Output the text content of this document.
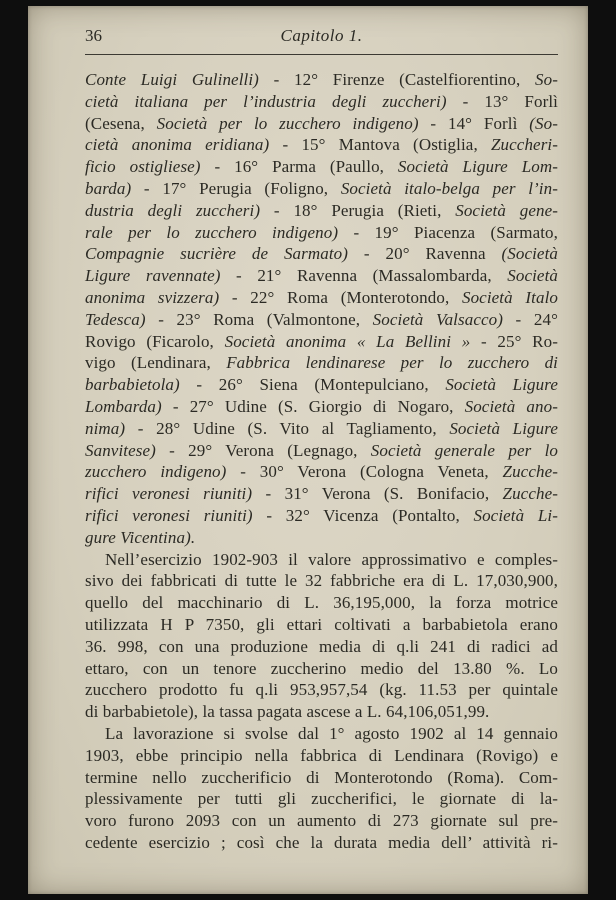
36	Capitolo 1.
Conte Luigi Gulinelli) - 12° Firenze (Castelfiorentino, So-
cietà italiana per l’industria degli zuccheri) - 13° Forlì
(Cesena, Società per lo zucchero indigeno) - 14° Forlì (So-
cietà anonima eridiana) - 15° Mantova (Ostiglia, Zuccheri-
ficio ostigliese) - 16° Parma (Paullo, Società Ligure Lom-
barda) - 17° Perugia (Foligno, Società italo-belga per l’in-
dustria degli zuccheri) - 18° Perugia (Rieti, Società gene-
rale per lo zucchero indigeno) - 19° Piacenza (Sarmato,
Compagnie sucrière de Sarmato) - 20° Ravenna (Società
Ligure ravennate) - 21° Ravenna (Massalombarda, Società
anonima svizzera) - 22° Roma (Monterotondo, Società Italo
Tedesca) - 23° Roma (Valmontone, Società Valsacco) - 24°
Rovigo (Ficarolo, Società anonima « La Bellini » - 25° Ro-
vigo (Lendinara, Fabbrica lendinarese per lo zucchero di
barbabietola) - 26° Siena (Montepulciano, Società Ligure
Lombarda) - 27° Udine (S. Giorgio di Nogaro, Società ano-
nima) - 28° Udine (S. Vito al Tagliamento, Società Ligure
Sanvitese) - 29° Verona (Legnago, Società generale per lo
zucchero indigeno) - 30° Verona (Cologna Veneta, Zucche-
rifici veronesi riuniti) - 31° Verona (S. Bonifacio, Zucche-
rifici veronesi riuniti) - 32° Vicenza (Pontalto, Società Li-
gure Vicentina).
Nell’esercizio 1902-903 il valore approssimativo e comples-
sivo dei fabbricati di tutte le 32 fabbriche era di L. 17,030,900,
quello del macchinario di L. 36,195,000, la forza motrice
utilizzata H P 7350, gli ettari coltivati a barbabietola erano
36. 998, con una produzione media di q.li 241 di radici ad
ettaro, con un tenore zuccherino medio del 13.80 %. Lo
zucchero prodotto fu q.li 953,957,54 (kg. 11.53 per quintale
di barbabietole), la tassa pagata ascese a L. 64,106,051,99.
La lavorazione si svolse dal 1° agosto 1902 al 14 gennaio
1903, ebbe principio nella fabbrica di Lendinara (Rovigo) e
termine nello zuccherificio di Monterotondo (Roma). Com-
plessivamente per tutti gli zuccherifici, le giornate di la-
voro furono 2093 con un aumento di 273 giornate sul pre-
cedente esercizio ; così che la durata media dell’ attività ri-
